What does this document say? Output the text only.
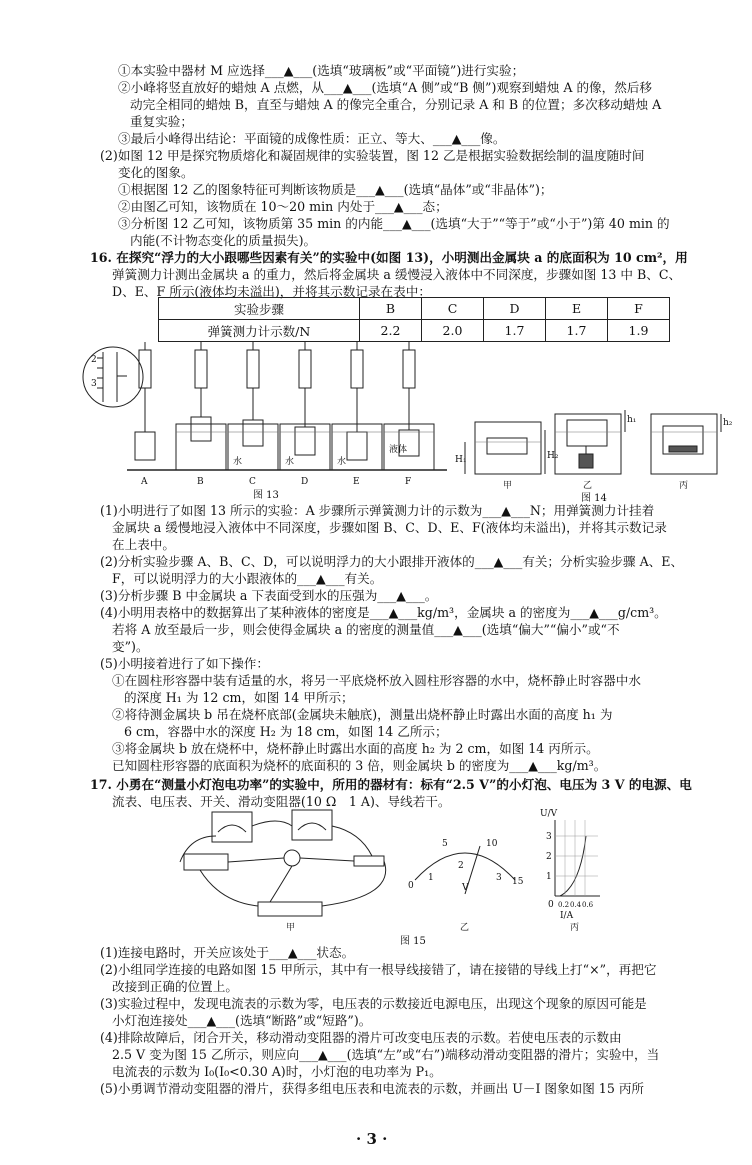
①本实验中器材 M 应选择___▲___(选填“玻璃板”或“平面镜”)进行实验；
②小峰将竖直放好的蜡烛 A 点燃，从___▲___(选填“A 侧”或“B 侧”)观察到蜡烛 A 的像，然后移
动完全相同的蜡烛 B，直至与蜡烛 A 的像完全重合，分别记录 A 和 B 的位置；多次移动蜡烛 A
重复实验；
③最后小峰得出结论：平面镜的成像性质：正立、等大、___▲___像。
(2)如图 12 甲是探究物质熔化和凝固规律的实验装置，图 12 乙是根据实验数据绘制的温度随时间
变化的图象。
①根据图 12 乙的图象特征可判断该物质是___▲___(选填“晶体”或“非晶体”)；
②由图乙可知，该物质在 10～20 min 内处于___▲___态；
③分析图 12 乙可知，该物质第 35 min 的内能___▲___(选填“大于”“等于”或“小于”)第 40 min 的
内能(不计物态变化的质量损失)。
16. 在探究“浮力的大小跟哪些因素有关”的实验中(如图 13)，小明测出金属块 a 的底面积为 10 cm²，用
弹簧测力计测出金属块 a 的重力，然后将金属块 a 缓慢浸入液体中不同深度，步骤如图 13 中 B、C、
D、E、F 所示(液体均未溢出)，并将其示数记录在表中：
实验步骤	B	C	D	E	F
弹簧测力计示数/N	2.2	2.0	1.7	1.7	1.9
2
3
水	水	水
液体
A	B	C	D	E	F
图 13
H₁	H₂
h₁	h₂
甲	乙	丙
图 14
(1)小明进行了如图 13 所示的实验：A 步骤所示弹簧测力计的示数为___▲___N；用弹簧测力计挂着
金属块 a 缓慢地浸入液体中不同深度，步骤如图 B、C、D、E、F(液体均未溢出)，并将其示数记录
在上表中。
(2)分析实验步骤 A、B、C、D，可以说明浮力的大小跟排开液体的___▲___有关；分析实验步骤 A、E、
F，可以说明浮力的大小跟液体的___▲___有关。
(3)分析步骤 B 中金属块 a 下表面受到水的压强为___▲___。
(4)小明用表格中的数据算出了某种液体的密度是___▲___kg/m³，金属块 a 的密度为___▲___g/cm³。
若将 A 放至最后一步，则会使得金属块 a 的密度的测量值___▲___(选填“偏大”“偏小”或“不
变”)。
(5)小明接着进行了如下操作：
①在圆柱形容器中装有适量的水，将另一平底烧杯放入圆柱形容器的水中，烧杯静止时容器中水
的深度 H₁ 为 12 cm，如图 14 甲所示；
②将待测金属块 b 吊在烧杯底部(金属块未触底)，测量出烧杯静止时露出水面的高度 h₁ 为
6 cm，容器中水的深度 H₂ 为 18 cm，如图 14 乙所示；
③将金属块 b 放在烧杯中，烧杯静止时露出水面的高度 h₂ 为 2 cm，如图 14 丙所示。
已知圆柱形容器的底面积为烧杯的底面积的 3 倍，则金属块 b 的密度为___▲___kg/m³。
17. 小勇在“测量小灯泡电功率”的实验中，所用的器材有：标有“2.5 V”的小灯泡、电压为 3 V 的电源、电
流表、电压表、开关、滑动变阻器(10 Ω　1 A)、导线若干。
0
5	10
15
1
2
3
V
U/V
3
2
1
0 0.2 0.4 0.6
I/A
甲	乙	丙
图 15
(1)连接电路时，开关应该处于___▲___状态。
(2)小组同学连接的电路如图 15 甲所示，其中有一根导线接错了，请在接错的导线上打“×”，再把它
改接到正确的位置上。
(3)实验过程中，发现电流表的示数为零，电压表的示数接近电源电压，出现这个现象的原因可能是
小灯泡连接处___▲___(选填“断路”或“短路”)。
(4)排除故障后，闭合开关，移动滑动变阻器的滑片可改变电压表的示数。若使电压表的示数由
2.5 V 变为图 15 乙所示，则应向___▲___(选填“左”或“右”)端移动滑动变阻器的滑片；实验中，当
电流表的示数为 I₀(I₀<0.30 A)时，小灯泡的电功率为 P₁。
(5)小勇调节滑动变阻器的滑片，获得多组电压表和电流表的示数，并画出 U－I 图象如图 15 丙所
· 3 ·
